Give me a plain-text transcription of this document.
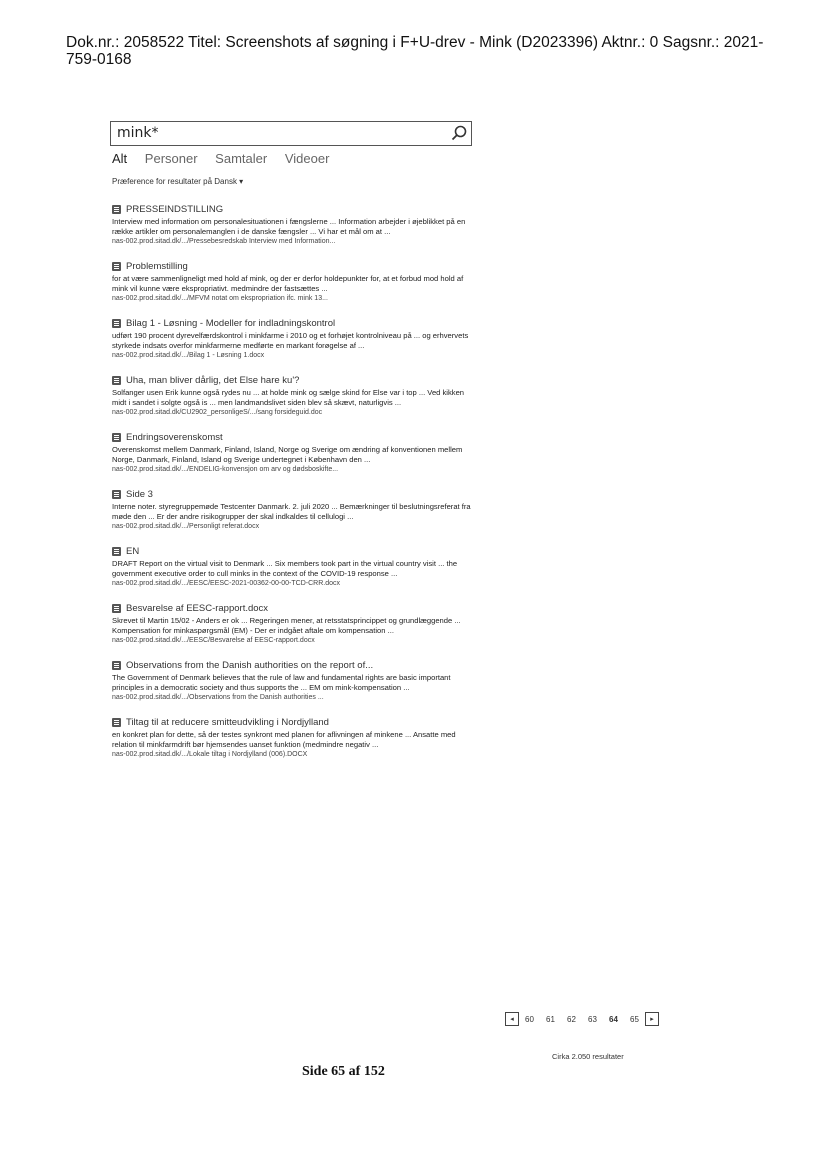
Dok.nr.: 2058522 Titel: Screenshots af søgning i F+U-drev - Mink (D2023396) Aktnr.: 0 Sagsnr.: 2021-759-0168
mink*
Alt Personer Samtaler Videoer
Præference for resultater på Dansk ▾
PRESSEINDSTILLING
Interview med information om personalesituationen i fængslerne ... Information arbejder i øjeblikket på en række artikler om personalemanglen i de danske fængsler ... Vi har et mål om at ...
nas-002.prod.sitad.dk/.../Pressebesredskab Interview med Information...
Problemstilling
for at være sammenligneligt med hold af mink, og der er derfor holdepunkter for, at et forbud mod hold af mink vil kunne være ekspropriativt. medmindre der fastsættes ...
nas-002.prod.sitad.dk/.../MFVM notat om ekspropriation ifc. mink 13...
Bilag 1 - Løsning - Modeller for indladningskontrol
udført 190 procent dyrevelfærdskontrol i minkfarme i 2010 og et forhøjet kontrolniveau på ... og erhvervets styrkede indsats overfor minkfarmerne medførte en markant forøgelse af ...
nas-002.prod.sitad.dk/.../Bilag 1 - Løsning 1.docx
Uha, man bliver dårlig, det Else hare ku'?
Solfanger usen Erik kunne også rydes nu ... at holde mink og sælge skind for Else var i top ... Ved kikken midt i sandet i solgte også is ... men landmandslivet siden blev så skævt, naturligvis ...
nas-002.prod.sitad.dk/CU2902_personligeS/.../sang forsideguid.doc
Endringsoverenskomst
Overenskomst mellem Danmark, Finland, Island, Norge og Sverige om ændring af konventionen mellem Norge, Danmark, Finland, Island og Sverige undertegnet i København den ...
nas-002.prod.sitad.dk/.../ENDELIG-konvensjon om arv og dødsboskifte...
Side 3
Interne noter. styregruppemøde Testcenter Danmark. 2. juli 2020 ... Bemærkninger til beslutningsreferat fra møde den ... Er der andre risikogrupper der skal indkaldes til cellulogi ...
nas-002.prod.sitad.dk/.../Personligt referat.docx
EN
DRAFT Report on the virtual visit to Denmark ... Six members took part in the virtual country visit ... the government executive order to cull minks in the context of the COVID-19 response ...
nas-002.prod.sitad.dk/.../EESC/EESC-2021-00362-00-00-TCD-CRR.docx
Besvarelse af EESC-rapport.docx
Skrevet til Martin 15/02 - Anders er ok ... Regeringen mener, at retsstatsprincippet og grundlæggende ... Kompensation for minkaspørgsmål (EM) - Der er indgået aftale om kompensation ...
nas-002.prod.sitad.dk/.../EESC/Besvarelse af EESC-rapport.docx
Observations from the Danish authorities on the report of...
The Government of Denmark believes that the rule of law and fundamental rights are basic important principles in a democratic society and thus supports the ... EM om mink-kompensation ...
nas-002.prod.sitad.dk/.../Observations from the Danish authorities ...
Tiltag til at reducere smitteudvikling i Nordjylland
en konkret plan for dette, så der testes synkront med planen for aflivningen af minkene ... Ansatte med relation til minkfarmdrift bør hjemsendes uanset funktion (medmindre negativ ...
nas-002.prod.sitad.dk/.../Lokale tiltag i Nordjylland (006).DOCX
◂	60	61	62	63	64	65	▸
Cirka 2.050 resultater
Side 65 af 152
